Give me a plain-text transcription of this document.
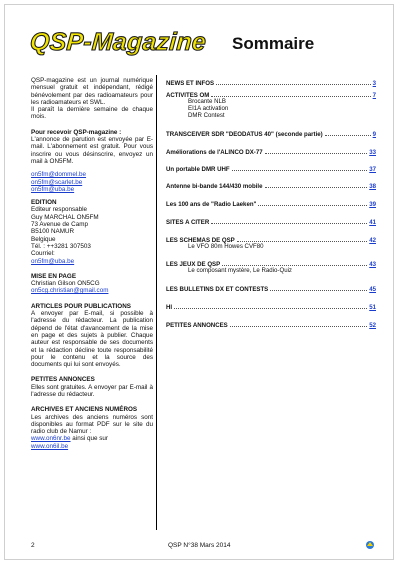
QSP-Magazine Sommaire

QSP-magazine est un journal numérique mensuel gratuit et indépendant, rédigé bénévolement par des radioamateurs pour les radioamateurs et SWL.

Il paraît la dernière semaine de chaque mois.

Pour recevoir QSP-magazine :

L'annonce de parution est envoyée par E-mail. L'abonnement est gratuit. Pour vous inscrire ou vous désinscrire, envoyez un mail à ON5FM.

on5fm@dommel.be

on5fm@scarlet.be

on5fm@uba.be

EDITION

Editeur responsable

Guy MARCHAL ON5FM

73 Avenue de Camp

B5100 NAMUR

Belgique

Tél. : ++3281 307503

Courriel:

on5fm@uba.be

MISE EN PAGE

Christian Gilson ON5CG

on5cg.christian@gmail.com

ARTICLES POUR PUBLICATIONS

A envoyer par E-mail, si possible à l'adresse du rédacteur. La publication dépend de l'état d'avancement de la mise en page et des sujets à publier. Chaque auteur est responsable de ses documents et la rédaction décline toute responsabilité pour le contenu et la source des documents qui lui sont envoyés.

PETITES ANNONCES

Elles sont gratuites. A envoyer par E-mail à l'adresse du rédacteur.

ARCHIVES ET ANCIENS NUMÉROS

Les archives des anciens numéros sont disponibles au format PDF sur le site du radio club de Namur :

www.on6nr.be ainsi que sur

www.on6il.be

NEWS ET INFOS	3
ACTIVITES OM	7
Brocante NLB
EI1A activation
DMR Contest
TRANSCEIVER SDR "DEODATUS 40" (seconde partie)	9
Améliorations de l'ALINCO DX-77	33
Un portable DMR UHF	37
Antenne bi-bande 144/430 mobile	38
Les 100 ans de "Radio Laeken"	39
SITES A CITER	41
LES SCHEMAS DE QSP	42
Le VFO 80m Howes CVF80
LES JEUX DE QSP	43
Le composant mystère, Le Radio-Quiz
LES BULLETINS DX ET CONTESTS	45
HI	51
PETITES ANNONCES	52
2	QSP N°38 Mars 2014
